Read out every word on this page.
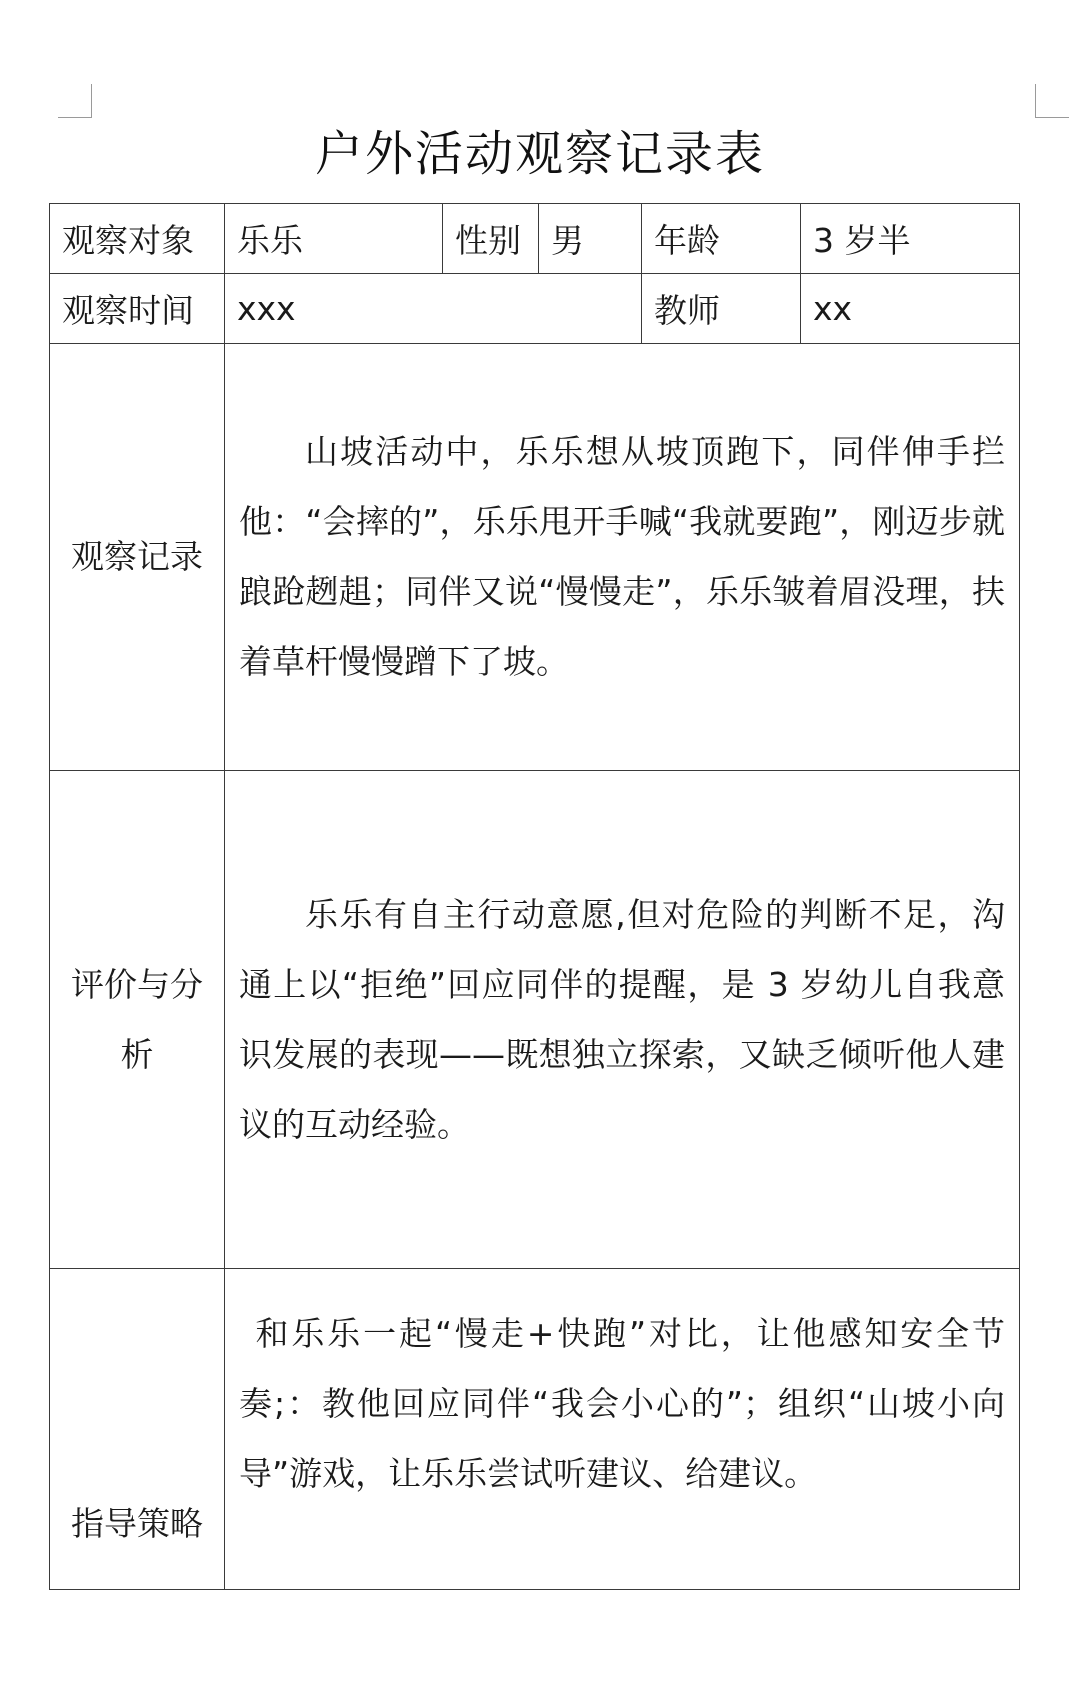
户外活动观察记录表
观察对象	乐乐	性别	男	年龄	3 岁半
观察时间	xxx			教师	xx
观察记录	山坡活动中，乐乐想从坡顶跑下，同伴伸手拦他：“会摔的”，乐乐甩开手喊“我就要跑”，刚迈步就踉跄趔趄；同伴又说“慢慢走”，乐乐皱着眉没理，扶着草杆慢慢蹭下了坡。				

评价与分析	乐乐有自主行动意愿,但对危险的判断不足，沟通上以“拒绝”回应同伴的提醒，是 3 岁幼儿自我意识发展的表现——既想独立探索，又缺乏倾听他人建议的互动经验。				

指导策略	和乐乐一起“慢走+快跑”对比，让他感知安全节奏;：教他回应同伴“我会小心的”；组织“山坡小向导”游戏，让乐乐尝试听建议、给建议。				
